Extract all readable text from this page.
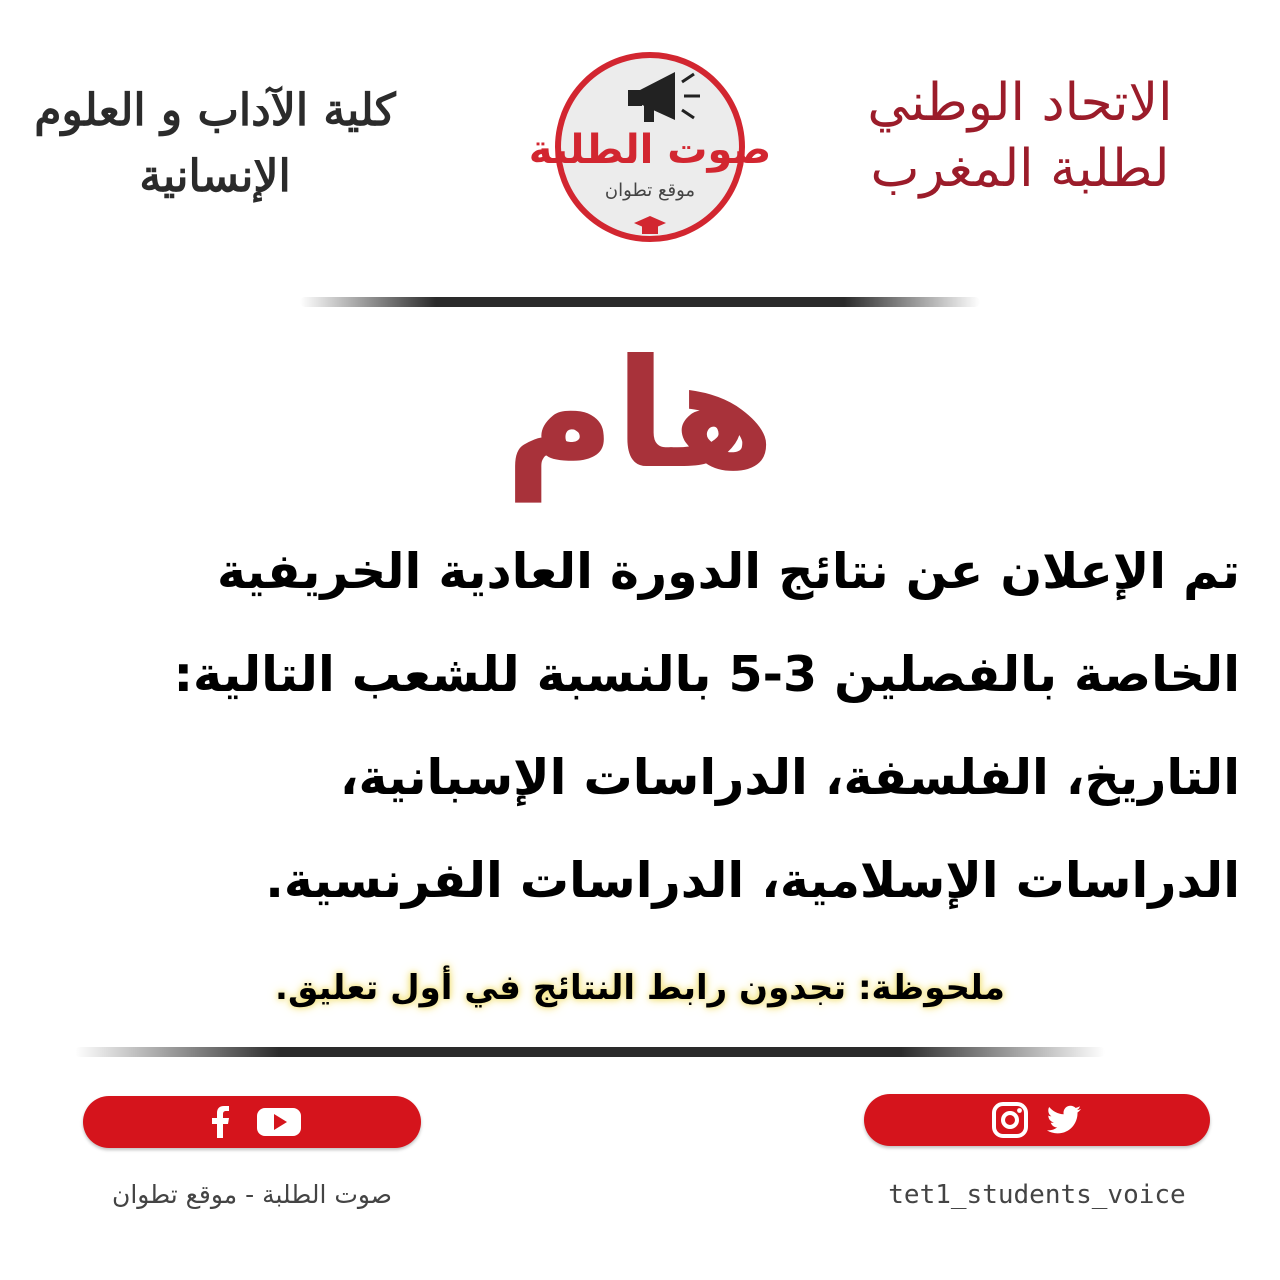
الاتحاد الوطني
لطلبة المغرب
كلية الآداب و العلوم
الإنسانية
صوت الطلبة
موقع تطوان
هام
تم الإعلان عن نتائج الدورة العادية الخريفية
الخاصة بالفصلين 3-5 بالنسبة للشعب التالية:
التاريخ، الفلسفة، الدراسات الإسبانية،
الدراسات الإسلامية، الدراسات الفرنسية.
ملحوظة: تجدون رابط النتائج في أول تعليق.
صوت الطلبة - موقع تطوان	tet1_students_voice
